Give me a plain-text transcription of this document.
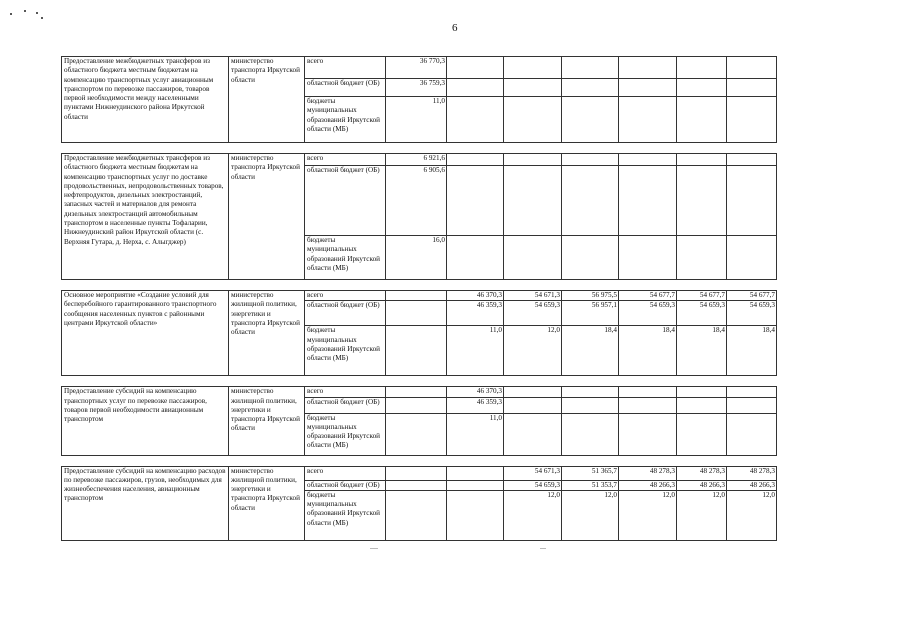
6
Предоставление межбюджетных трансферов из областного бюджета местным бюджетам на компенсацию транспортных услуг авиационным транспортом по перевозке пассажиров, товаров первой необходимости между населенными пунктами Нижнеудинского района Иркутской области	министерство транспорта Иркутской области	всего	36 770,3						
		областной бюджет (ОБ)	36 759,3						
		бюджеты муниципальных образований Иркутской области (МБ)	11,0						

Предоставление межбюджетных трансферов из областного бюджета местным бюджетам на компенсацию транспортных услуг по доставке продовольственных, непродовольственных товаров, нефтепродуктов, дизельных электростанций, запасных частей и материалов для ремонта дизельных электростанций автомобильным транспортом в населенные пункты Тофаларии, Нижнеудинский район Иркутской области (с. Верхняя Гутара, д. Нерха, с. Алыгджер)	министерство транспорта Иркутской области	всего	6 921,6						
		областной бюджет (ОБ)	6 905,6						
		бюджеты муниципальных образований Иркутской области (МБ)	16,0						

Основное мероприятие «Создание условий для бесперебойного гарантированного транспортного сообщения населенных пунктов с районными центрами Иркутской области»	министерство жилищной политики, энергетики и транспорта Иркутской области	всего		46 370,3	54 671,3	56 975,5	54 677,7	54 677,7	54 677,7
		областной бюджет (ОБ)		46 359,3	54 659,3	56 957,1	54 659,3	54 659,3	54 659,3
		бюджеты муниципальных образований Иркутской области (МБ)		11,0	12,0	18,4	18,4	18,4	18,4

Предоставление субсидий на компенсацию транспортных услуг по перевозке пассажиров, товаров первой необходимости авиационным транспортом	министерство жилищной политики, энергетики и транспорта Иркутской области	всего		46 370,3					
		областной бюджет (ОБ)		46 359,3					
		бюджеты муниципальных образований Иркутской области (МБ)		11,0					

Предоставление субсидий на компенсацию расходов по перевозке пассажиров, грузов, необходимых для жизнеобеспечения населения, авиационным транспортом	министерство жилищной политики, энергетики и транспорта Иркутской области	всего			54 671,3	51 365,7	48 278,3	48 278,3	48 278,3
		областной бюджет (ОБ)			54 659,3	51 353,7	48 266,3	48 266,3	48 266,3
		бюджеты муниципальных образований Иркутской области (МБ)			12,0	12,0	12,0	12,0	12,0
